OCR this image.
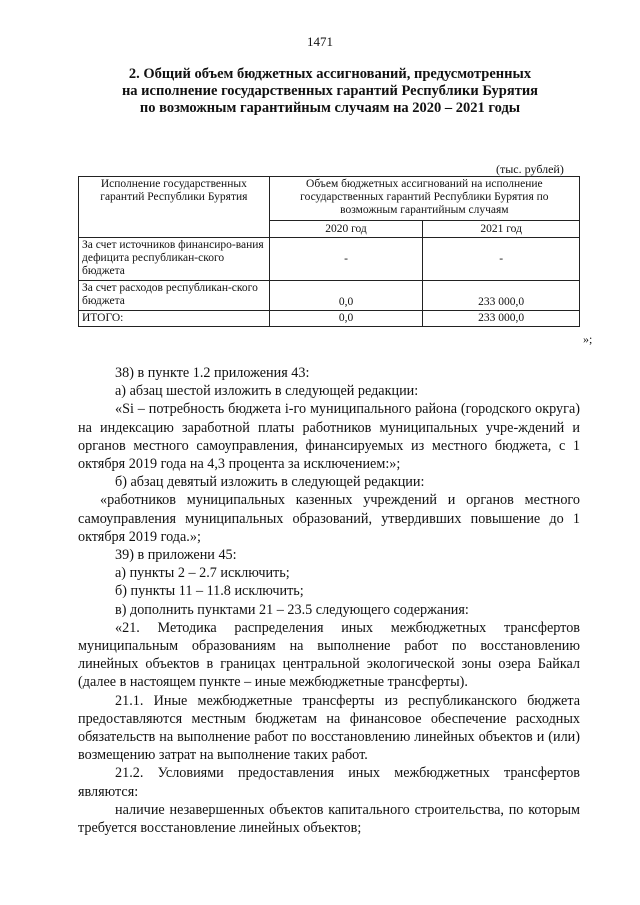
1471
2. Общий объем бюджетных ассигнований, предусмотренных
на исполнение государственных гарантий Республики Бурятия
по возможным гарантийным случаям на 2020 – 2021 годы
(тыс. рублей)
Исполнение государственных гарантий Республики Бурятия	Объем бюджетных ассигнований на исполнение государственных гарантий Республики Бурятия по возможным гарантийным случаям	
	2020 год	2021 год
За счет источников финансиро-вания дефицита республикан-ского бюджета	-	-
За счет расходов республикан-ского бюджета	0,0	233 000,0
ИТОГО:	0,0	233 000,0
»;

38) в пункте 1.2 приложения 43:

а) абзац шестой изложить в следующей редакции:

«Si – потребность бюджета i-го муниципального района (городского округа) на индексацию заработной платы работников муниципальных учре-ждений и органов местного самоуправления, финансируемых из местного бюджета, с 1 октября 2019 года на 4,3 процента за исключением:»;

б) абзац девятый изложить в следующей редакции:

«работников муниципальных казенных учреждений и органов местного самоуправления муниципальных образований, утвердивших повышение до 1 октября 2019 года.»;

39) в приложени 45:

а) пункты 2 – 2.7 исключить;

б) пункты 11 – 11.8 исключить;

в) дополнить пунктами 21 – 23.5 следующего содержания:

«21. Методика распределения иных межбюджетных трансфертов муниципальным образованиям на выполнение работ по восстановлению линейных объектов в границах центральной экологической зоны озера Байкал (далее в настоящем пункте – иные межбюджетные трансферты).

21.1. Иные межбюджетные трансферты из республиканского бюджета предоставляются местным бюджетам на финансовое обеспечение расходных обязательств на выполнение работ по восстановлению линейных объектов и (или) возмещению затрат на выполнение таких работ.

21.2. Условиями предоставления иных межбюджетных трансфертов являются:

наличие незавершенных объектов капитального строительства, по которым требуется восстановление линейных объектов;
